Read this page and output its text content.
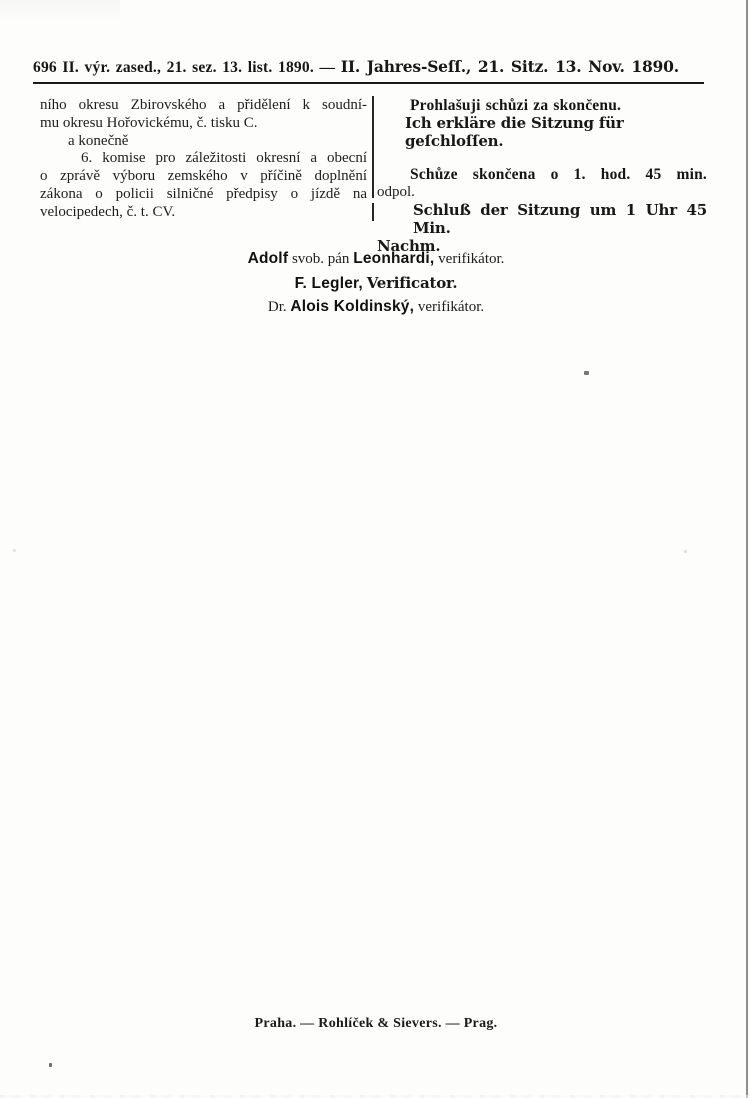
696 II. výr. zased., 21. sez. 13. list. 1890. — II. Jahres-Seſſ., 21. Sitz. 13. Nov. 1890.
ního okresu Zbirovského a přidělení k soudní-
mu okresu Hořovickému, č. tisku C.
a konečně
6. komise pro záležitosti okresní a obecní
o zprávě výboru zemského v příčině doplnění
zákona o policii silničné předpisy o jízdě na
velocipedech, č. t. CV.
Prohlašuji schůzi za skončenu.
Ich erkläre die Sitzung für geſchloſſen.
Schůze skončena o 1. hod. 45 min.
odpol.
Schluß der Sitzung um 1 Uhr 45 Min.
Nachm.
Adolf svob. pán Leonhardi, verifikátor.
F. Legler, Verificator.
Dr. Alois Koldinský, verifikátor.
Praha. — Rohlíček & Sievers. — Prag.
